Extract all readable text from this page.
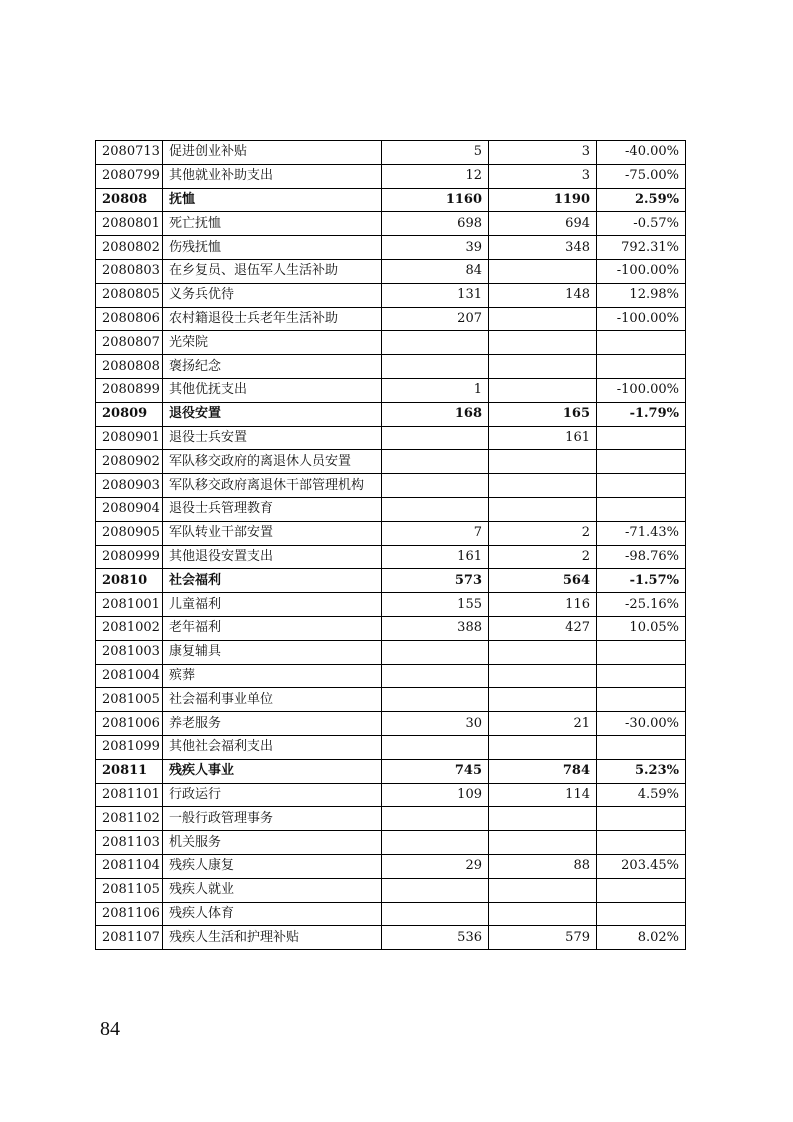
2080713	促进创业补贴	5	3	-40.00%
2080799	其他就业补助支出	12	3	-75.00%
20808	抚恤	1160	1190	2.59%
2080801	死亡抚恤	698	694	-0.57%
2080802	伤残抚恤	39	348	792.31%
2080803	在乡复员、退伍军人生活补助	84		-100.00%
2080805	义务兵优待	131	148	12.98%
2080806	农村籍退役士兵老年生活补助	207		-100.00%
2080807	光荣院			
2080808	褒扬纪念			
2080899	其他优抚支出	1		-100.00%
20809	退役安置	168	165	-1.79%
2080901	退役士兵安置		161	
2080902	军队移交政府的离退休人员安置			
2080903	军队移交政府离退休干部管理机构			
2080904	退役士兵管理教育			
2080905	军队转业干部安置	7	2	-71.43%
2080999	其他退役安置支出	161	2	-98.76%
20810	社会福利	573	564	-1.57%
2081001	儿童福利	155	116	-25.16%
2081002	老年福利	388	427	10.05%
2081003	康复辅具			
2081004	殡葬			
2081005	社会福利事业单位			
2081006	养老服务	30	21	-30.00%
2081099	其他社会福利支出			
20811	残疾人事业	745	784	5.23%
2081101	行政运行	109	114	4.59%
2081102	一般行政管理事务			
2081103	机关服务			
2081104	残疾人康复	29	88	203.45%
2081105	残疾人就业			
2081106	残疾人体育			
2081107	残疾人生活和护理补贴	536	579	8.02%
84
